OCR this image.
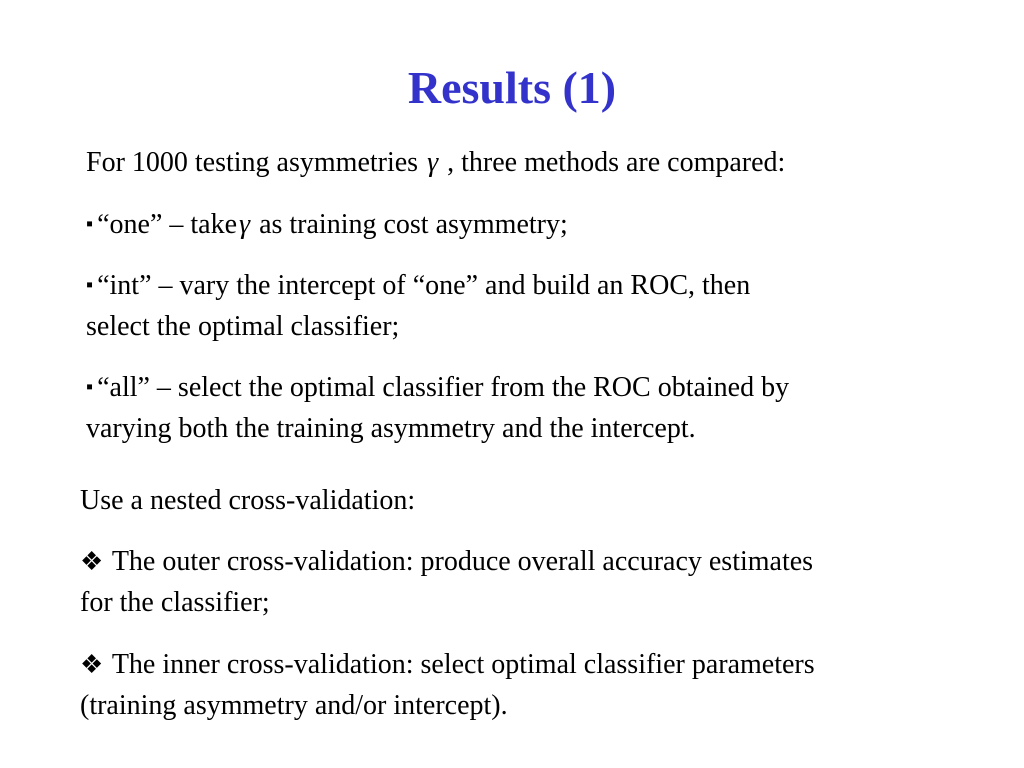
Results (1)
For 1000 testing asymmetries γ , three methods are compared:
▪ “one” – takeγ as training cost asymmetry;
▪ “int” – vary the intercept of “one” and build an ROC, then
select the optimal classifier;
▪ “all” – select the optimal classifier from the ROC obtained by
varying both the training asymmetry and the intercept.
Use a nested cross-validation:
❖ The outer cross-validation: produce overall accuracy estimates
for the classifier;
❖ The inner cross-validation: select optimal classifier parameters
(training asymmetry and/or intercept).
